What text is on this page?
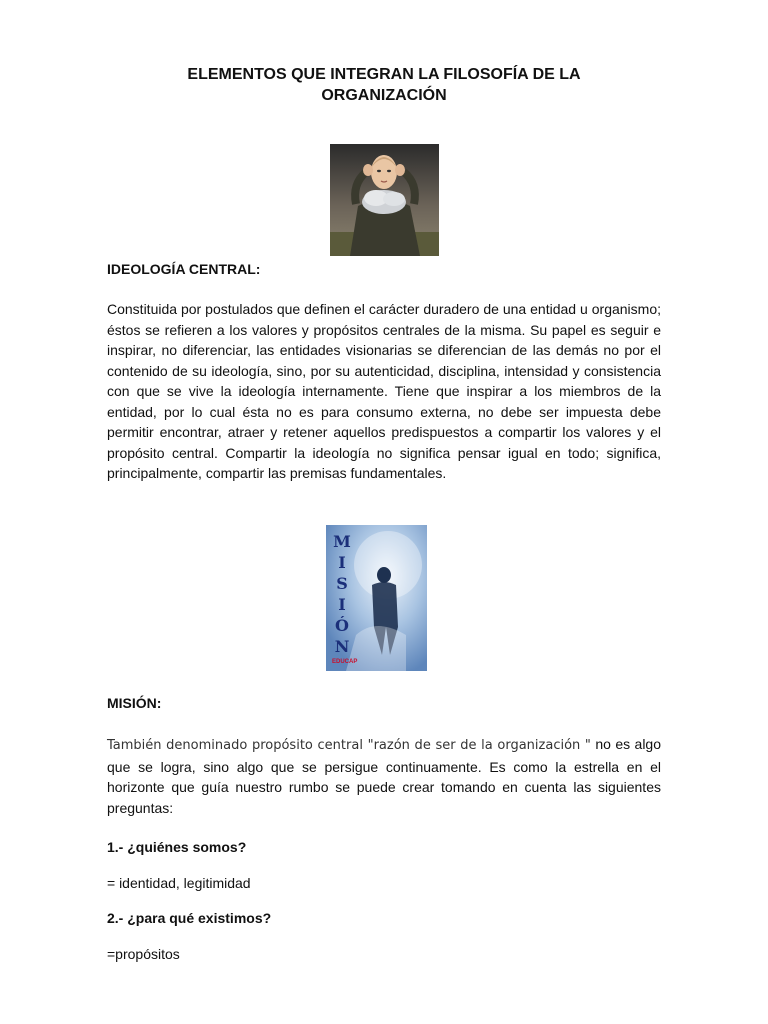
ELEMENTOS QUE INTEGRAN LA FILOSOFÍA DE LA
ORGANIZACIÓN
IDEOLOGÍA CENTRAL:

Constituida por postulados que definen el carácter duradero de una entidad u organismo; éstos se refieren a los valores y propósitos centrales de la misma. Su papel es seguir e inspirar, no diferenciar, las entidades visionarias se diferencian de las demás no por el contenido de su ideología, sino, por su autenticidad, disciplina, intensidad y consistencia con que se vive la ideología internamente. Tiene que inspirar a los miembros de la entidad, por lo cual ésta no es para consumo externa, no debe ser impuesta debe permitir encontrar, atraer y retener aquellos predispuestos a compartir los valores y el propósito central. Compartir la ideología no significa pensar igual en todo; significa, principalmente, compartir las premisas fundamentales.

M
I
S
I
Ó
N
EDUCAP
MISIÓN:

También denominado propósito central "razón de ser de la organización " no es algo que se logra, sino algo que se persigue continuamente. Es como la estrella en el horizonte que guía nuestro rumbo se puede crear tomando en cuenta las siguientes preguntas:

1.- ¿quiénes somos?
= identidad, legitimidad
2.- ¿para qué existimos?
=propósitos
